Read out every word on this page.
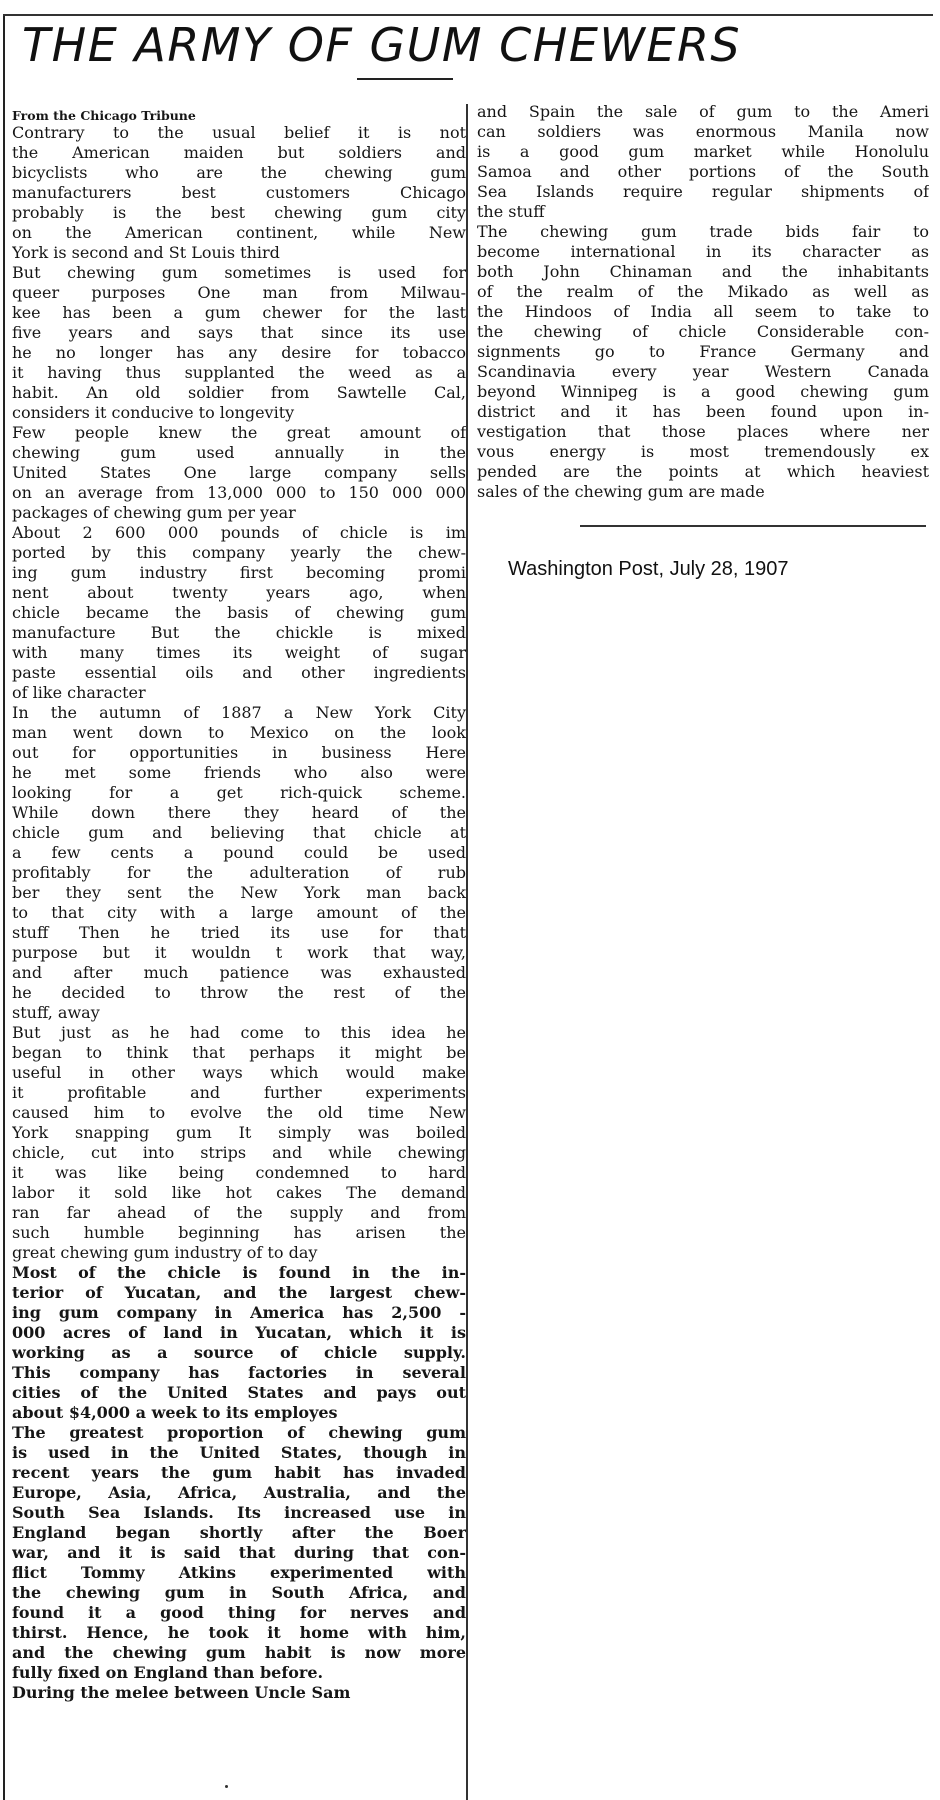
THE ARMY OF GUM CHEWERS
From the Chicago Tribune
Contrary to the usual belief it is not
the American maiden but soldiers and
bicyclists who are the chewing gum
manufacturers best customers Chicago
probably is the best chewing gum city
on the American continent, while New
York is second and St Louis third
But chewing gum sometimes is used for
queer purposes One man from Milwau-
kee has been a gum chewer for the last
five years and says that since its use
he no longer has any desire for tobacco
it having thus supplanted the weed as a
habit. An old soldier from Sawtelle Cal,
considers it conducive to longevity
Few people knew the great amount of
chewing gum used annually in the
United States One large company sells
on an average from 13,000 000 to 150 000 000
packages of chewing gum per year
About 2 600 000 pounds of chicle is im
ported by this company yearly the chew-
ing gum industry first becoming promi
nent about twenty years ago, when
chicle became the basis of chewing gum
manufacture But the chickle is mixed
with many times its weight of sugar
paste essential oils and other ingredients
of like character
In the autumn of 1887 a New York City
man went down to Mexico on the look
out for opportunities in business Here
he met some friends who also were
looking for a get rich-quick scheme.
While down there they heard of the
chicle gum and believing that chicle at
a few cents a pound could be used
profitably for the adulteration of rub
ber they sent the New York man back
to that city with a large amount of the
stuff Then he tried its use for that
purpose but it wouldn t work that way,
and after much patience was exhausted
he decided to throw the rest of the
stuff, away
But just as he had come to this idea he
began to think that perhaps it might be
useful in other ways which would make
it profitable and further experiments
caused him to evolve the old time New
York snapping gum It simply was boiled
chicle, cut into strips and while chewing
it was like being condemned to hard
labor it sold like hot cakes The demand
ran far ahead of the supply and from
such humble beginning has arisen the
great chewing gum industry of to day
Most of the chicle is found in the in-
terior of Yucatan, and the largest chew-
ing gum company in America has 2,500 -
000 acres of land in Yucatan, which it is
working as a source of chicle supply.
This company has factories in several
cities of the United States and pays out
about $4,000 a week to its employes
The greatest proportion of chewing gum
is used in the United States, though in
recent years the gum habit has invaded
Europe, Asia, Africa, Australia, and the
South Sea Islands. Its increased use in
England began shortly after the Boer
war, and it is said that during that con-
flict Tommy Atkins experimented with
the chewing gum in South Africa, and
found it a good thing for nerves and
thirst. Hence, he took it home with him,
and the chewing gum habit is now more
fully fixed on England than before.
During the melee between Uncle Sam
and Spain the sale of gum to the Ameri
can soldiers was enormous Manila now
is a good gum market while Honolulu
Samoa and other portions of the South
Sea Islands require regular shipments of
the stuff
The chewing gum trade bids fair to
become international in its character as
both John Chinaman and the inhabitants
of the realm of the Mikado as well as
the Hindoos of India all seem to take to
the chewing of chicle Considerable con-
signments go to France Germany and
Scandinavia every year Western Canada
beyond Winnipeg is a good chewing gum
district and it has been found upon in-
vestigation that those places where ner
vous energy is most tremendously ex
pended are the points at which heaviest
sales of the chewing gum are made

Washington Post, July 28, 1907
